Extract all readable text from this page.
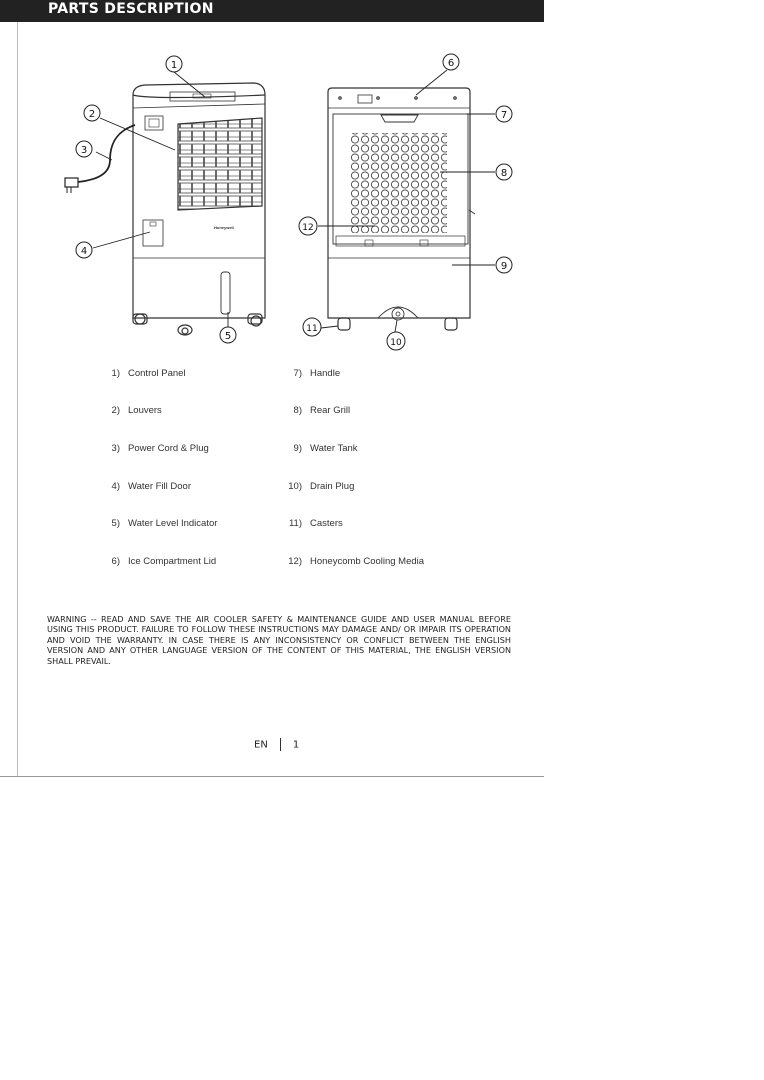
PARTS DESCRIPTION
Honeywell
1
2
3
4
5
6
7
8
9
10
11
12
1) Control Panel
2) Louvers
3) Power Cord & Plug
4) Water Fill Door
5) Water Level Indicator
6) Ice Compartment Lid
7) Handle
8) Rear Grill
9) Water Tank
10) Drain Plug
11) Casters
12) Honeycomb Cooling Media
WARNING -- READ AND SAVE THE AIR COOLER SAFETY & MAINTENANCE GUIDE AND USER MANUAL BEFORE USING THIS PRODUCT. FAILURE TO FOLLOW THESE INSTRUCTIONS MAY DAMAGE AND/ OR IMPAIR ITS OPERATION AND VOID THE WARRANTY. IN CASE THERE IS ANY INCONSISTENCY OR CONFLICT BETWEEN THE ENGLISH VERSION AND ANY OTHER LANGUAGE VERSION OF THE CONTENT OF THIS MATERIAL, THE ENGLISH VERSION SHALL PREVAIL.
EN	1
